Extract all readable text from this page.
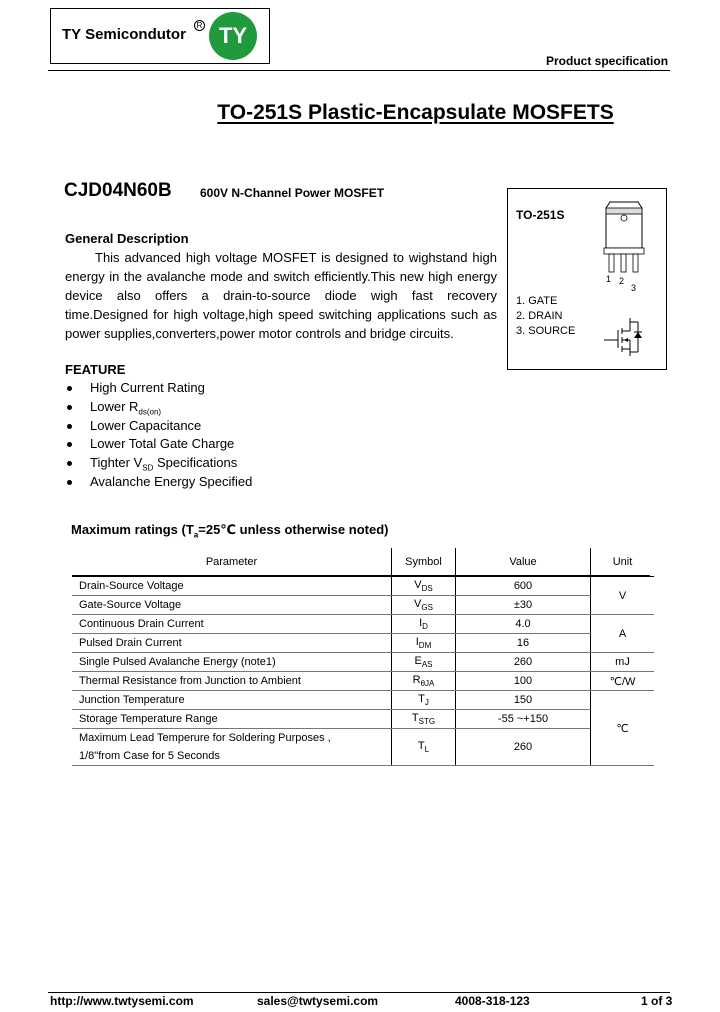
TY Semicondutor
R TY
Product specification
TO-251S Plastic-Encapsulate MOSFETS
CJD04N60B 600V N-Channel Power MOSFET
General Description
This advanced high voltage MOSFET is designed to wighstand high energy in the avalanche mode and switch efficiently.This new high energy device also offers a drain-to-source diode wigh fast recovery time.Designed for high voltage,high speed switching applications such as power supplies,converters,power motor controls and bridge circuits.
FEATURE
High Current Rating
Lower $R_{ds(on)}$
Lower Capacitance
Lower Total Gate Charge
Tighter $V_{SD}$ Specifications
Avalanche Energy Specified
TO-251S
1 2
3
1. GATE
2. DRAIN
3. SOURCE
Maximum ratings ($T_a=25℃$ unless otherwise noted)
Parameter	Symbol	Value	Unit
Drain-Source Voltage	$V_{DS}$	600	V
Gate-Source Voltage	$V_{GS}$	±30	
Continuous Drain Current	$I_D$	4.0	A
Pulsed Drain Current	$I_{DM}$	16	
Single Pulsed Avalanche Energy (note1)	$E_{AS}$	260	mJ
Thermal Resistance from Junction to Ambient	$R_{\theta JA}$	100	℃/W
Junction Temperature	$T_J$	150	℃
Storage Temperature Range	$T_{STG}$	-55 ~+150	

Maximum Lead Temperure for Soldering Purposes ,
1/8"from Case for 5 Seconds	$T_L$	260	
http://www.twtysemi.com	sales@twtysemi.com	4008-318-123	1 of 3
